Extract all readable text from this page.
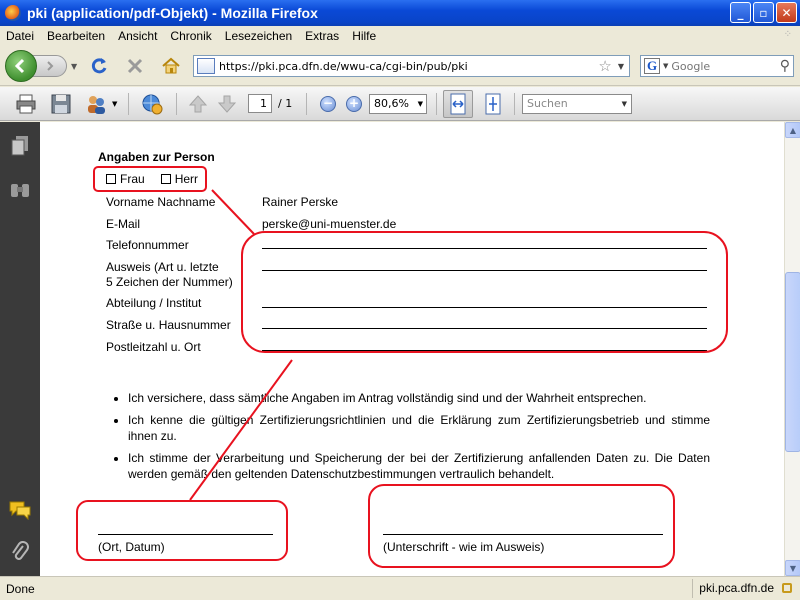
pki (application/pdf-Objekt) - Mozilla Firefox	_	▫	✕
Datei Bearbeiten Ansicht Chronik Lesezeichen Extras Hilfe	⁘
▼	https://pki.pca.dfn.de/wwu-ca/cgi-bin/pub/pki	☆ ▼ G ▼
Google	⚲
▼	1	/ 1	− +	80,6% ▼	Suchen	▼
Angaben zur Person
Frau	Herr
Vorname Nachname	Rainer Perske
E-Mail	perske@uni-muenster.de
Telefonnummer
Ausweis (Art u. letzte
5 Zeichen der Nummer)
Abteilung / Institut
Straße u. Hausnummer
Postleitzahl u. Ort
• Ich versichere, dass sämtliche Angaben im Antrag vollständig sind und der Wahrheit entsprechen.
• Ich kenne die gültigen Zertifizierungsrichtlinien und die Erklärung zum Zertifizierungsbetrieb und stimme ihnen zu.
• Ich stimme der Verarbeitung und Speicherung der bei der Zertifizierung anfallenden Daten zu. Die Daten werden gemäß den geltenden Datenschutzbestimmungen vertraulich behandelt.
(Ort, Datum)	(Unterschrift - wie im Ausweis)
▲
▼
Done	pki.pca.dfn.de
